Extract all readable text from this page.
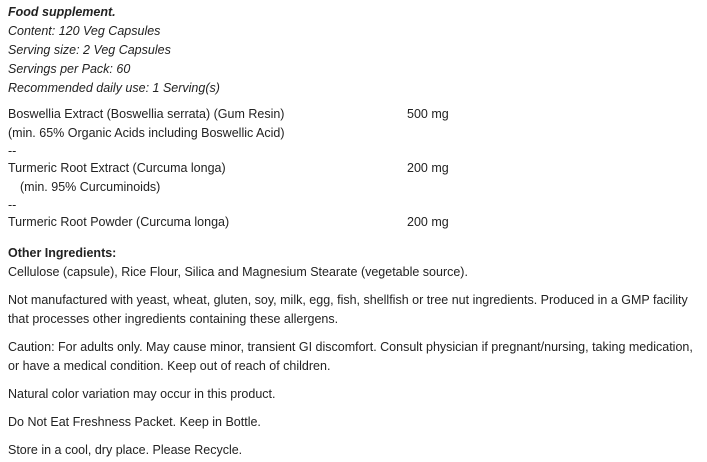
Food supplement.
Content: 120 Veg Capsules
Serving size: 2 Veg Capsules
Servings per Pack: 60
Recommended daily use: 1 Serving(s)
Boswellia Extract (Boswellia serrata) (Gum Resin)	500 mg
(min. 65% Organic Acids including Boswellic Acid)
--
Turmeric Root Extract (Curcuma longa)	200 mg
(min. 95% Curcuminoids)
--
Turmeric Root Powder (Curcuma longa)	200 mg
Other Ingredients:
Cellulose (capsule), Rice Flour, Silica and Magnesium Stearate (vegetable source).
Not manufactured with yeast, wheat, gluten, soy, milk, egg, fish, shellfish or tree nut ingredients. Produced in a GMP facility
that processes other ingredients containing these allergens.
Caution: For adults only. May cause minor, transient GI discomfort. Consult physician if pregnant/nursing, taking medication,
or have a medical condition. Keep out of reach of children.
Natural color variation may occur in this product.
Do Not Eat Freshness Packet. Keep in Bottle.
Store in a cool, dry place. Please Recycle.
